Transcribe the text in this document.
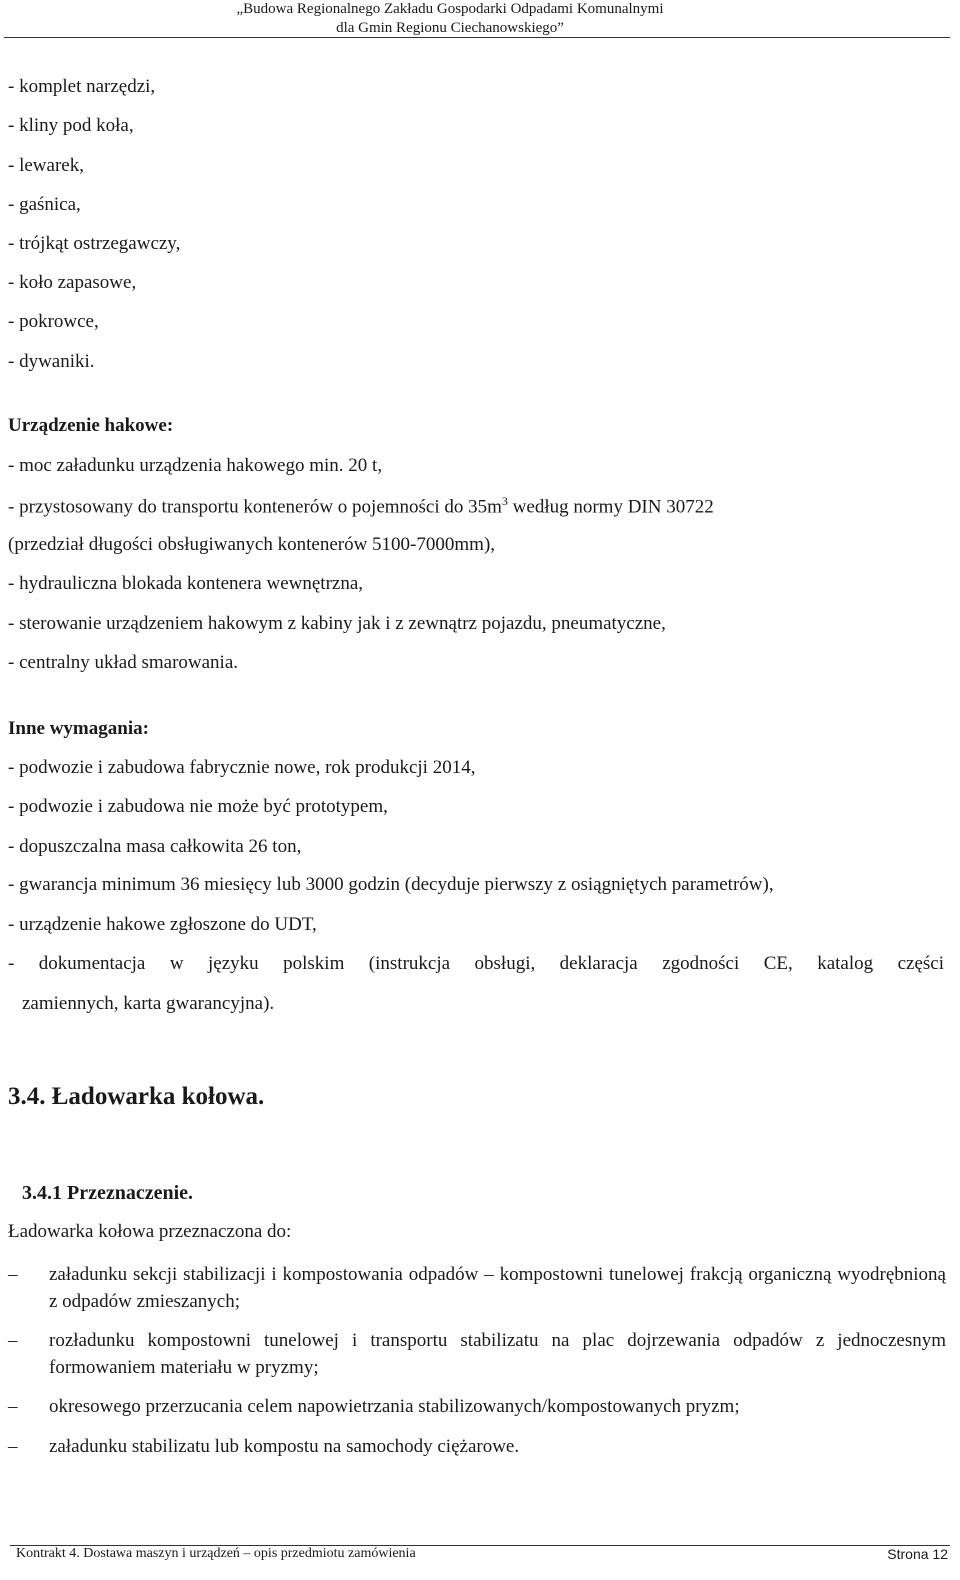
„Budowa Regionalnego Zakładu Gospodarki Odpadami Komunalnymi
dla Gmin Regionu Ciechanowskiego”
- komplet narzędzi,
- kliny pod koła,
- lewarek,
- gaśnica,
- trójkąt ostrzegawczy,
- koło zapasowe,
- pokrowce,
- dywaniki.
Urządzenie hakowe:
- moc załadunku urządzenia hakowego min. 20 t,
- przystosowany do transportu kontenerów o pojemności do $35m^3$ według normy DIN 30722
(przedział długości obsługiwanych kontenerów 5100-7000mm),
- hydrauliczna blokada kontenera wewnętrzna,
- sterowanie urządzeniem hakowym z kabiny jak i z zewnątrz pojazdu, pneumatyczne,
- centralny układ smarowania.
Inne wymagania:
- podwozie i zabudowa fabrycznie nowe, rok produkcji 2014,
- podwozie i zabudowa nie może być prototypem,
- dopuszczalna masa całkowita 26 ton,
- gwarancja minimum 36 miesięcy lub 3000 godzin (decyduje pierwszy z osiągniętych parametrów),
- urządzenie hakowe zgłoszone do UDT,
- dokumentacja w języku polskim (instrukcja obsługi, deklaracja zgodności CE, katalog części
zamiennych, karta gwarancyjna).
3.4. Ładowarka kołowa.
3.4.1 Przeznaczenie.
Ładowarka kołowa przeznaczona do:
–	załadunku sekcji stabilizacji i kompostowania odpadów – kompostowni tunelowej frakcją organiczną wyodrębnioną z odpadów zmieszanych;
–	rozładunku kompostowni tunelowej i transportu stabilizatu na plac dojrzewania odpadów z jednoczesnym formowaniem materiału w pryzmy;
–	okresowego przerzucania celem napowietrzania stabilizowanych/kompostowanych pryzm;
–	załadunku stabilizatu lub kompostu na samochody ciężarowe.
Kontrakt 4. Dostawa maszyn i urządzeń – opis przedmiotu zamówienia	Strona 12
